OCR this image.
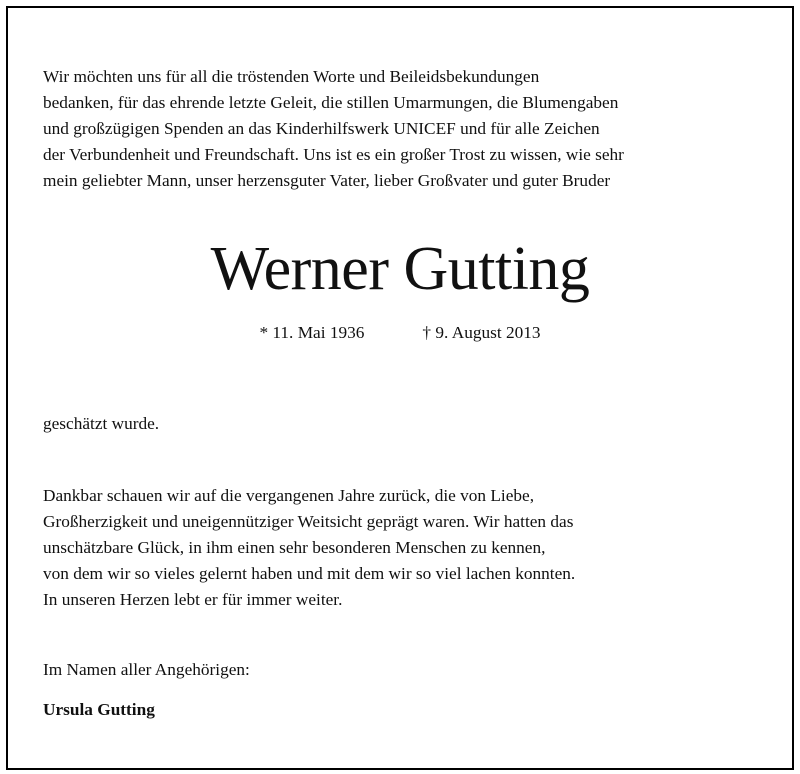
Wir möchten uns für all die tröstenden Worte und Beileidsbekundungen
bedanken, für das ehrende letzte Geleit, die stillen Umarmungen, die Blumengaben
und großzügigen Spenden an das Kinderhilfswerk UNICEF und für alle Zeichen
der Verbundenheit und Freundschaft. Uns ist es ein großer Trost zu wissen, wie sehr
mein geliebter Mann, unser herzensguter Vater, lieber Großvater und guter Bruder
Werner Gutting
* 11. Mai 1936	† 9. August 2013
geschätzt wurde.
Dankbar schauen wir auf die vergangenen Jahre zurück, die von Liebe,
Großherzigkeit und uneigennütziger Weitsicht geprägt waren. Wir hatten das
unschätzbare Glück, in ihm einen sehr besonderen Menschen zu kennen,
von dem wir so vieles gelernt haben und mit dem wir so viel lachen konnten.
In unseren Herzen lebt er für immer weiter.
Im Namen aller Angehörigen:
Ursula Gutting
